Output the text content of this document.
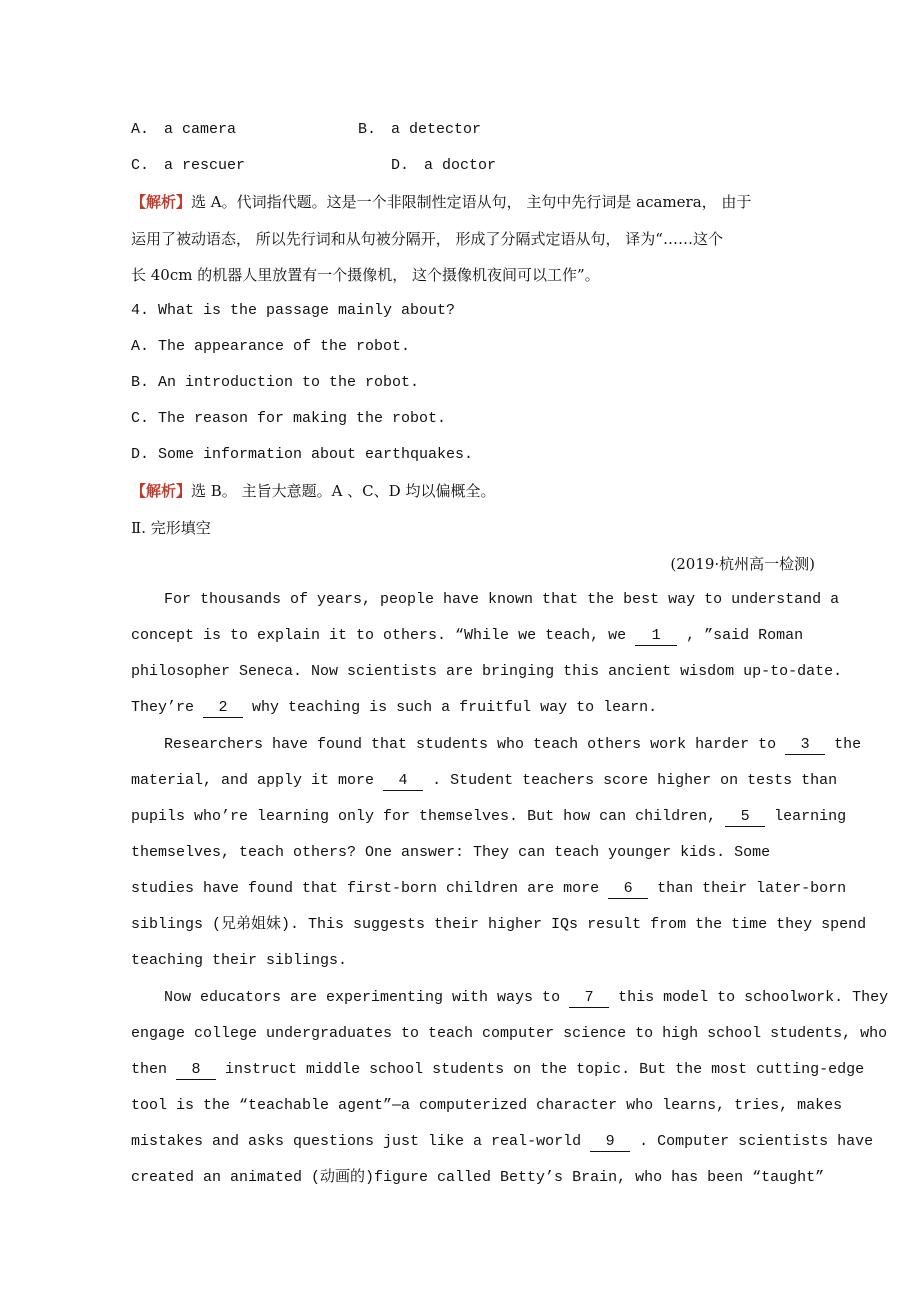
A. a camera	B. a detector
C. a rescuer	D. a doctor
【解析】选 A。代词指代题。这是一个非限制性定语从句， 主句中先行词是 acamera， 由于
运用了被动语态， 所以先行词和从句被分隔开， 形成了分隔式定语从句， 译为“……这个
长 40cm 的机器人里放置有一个摄像机， 这个摄像机夜间可以工作”。
4. What is the passage mainly about?
A. The appearance of the robot.
B. An introduction to the robot.
C. The reason for making the robot.
D. Some information about earthquakes.
【解析】选 B。 主旨大意题。A 、C、D 均以偏概全。
Ⅱ. 完形填空
(2019·杭州高一检测)
For thousands of years, people have known that the best way to understand a
concept is to explain it to others. “While we teach, we 1 , ”said Roman
philosopher Seneca. Now scientists are bringing this ancient wisdom up-to-date.
They’re 2 why teaching is such a fruitful way to learn.
Researchers have found that students who teach others work harder to 3 the
material, and apply it more 4 . Student teachers score higher on tests than
pupils who’re learning only for themselves. But how can children, 5 learning
themselves, teach others? One answer: They can teach younger kids. Some
studies have found that first-born children are more 6 than their later-born
siblings (兄弟姐妹). This suggests their higher IQs result from the time they spend
teaching their siblings.
Now educators are experimenting with ways to 7 this model to schoolwork. They
engage college undergraduates to teach computer science to high school students, who
then 8 instruct middle school students on the topic. But the most cutting-edge
tool is the “teachable agent”—a computerized character who learns, tries, makes
mistakes and asks questions just like a real-world 9 . Computer scientists have
created an animated (动画的)figure called Betty’s Brain, who has been “taught”
